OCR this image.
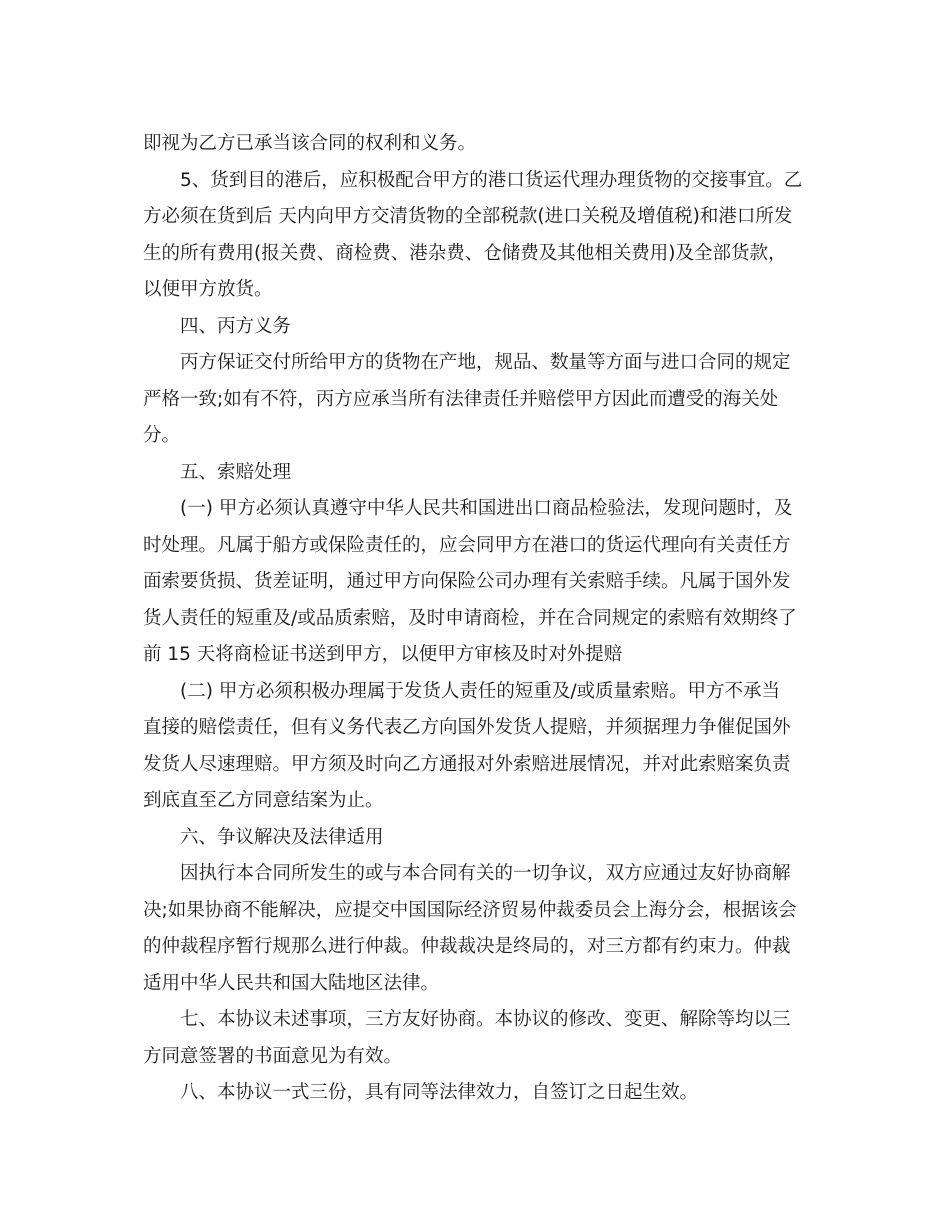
即视为乙方已承当该合同的权利和义务。
5、货到目的港后，应积极配合甲方的港口货运代理办理货物的交接事宜。乙
方必须在货到后 天内向甲方交清货物的全部税款(进口关税及增值税)和港口所发
生的所有费用(报关费、商检费、港杂费、仓储费及其他相关费用)及全部货款，
以便甲方放货。
四、丙方义务
丙方保证交付所给甲方的货物在产地，规品、数量等方面与进口合同的规定
严格一致;如有不符，丙方应承当所有法律责任并赔偿甲方因此而遭受的海关处
分。
五、索赔处理
(一) 甲方必须认真遵守中华人民共和国进出口商品检验法，发现问题时，及
时处理。凡属于船方或保险责任的，应会同甲方在港口的货运代理向有关责任方
面索要货损、货差证明，通过甲方向保险公司办理有关索赔手续。凡属于国外发
货人责任的短重及/或品质索赔，及时申请商检，并在合同规定的索赔有效期终了
前 15 天将商检证书送到甲方，以便甲方审核及时对外提赔
(二) 甲方必须积极办理属于发货人责任的短重及/或质量索赔。甲方不承当
直接的赔偿责任，但有义务代表乙方向国外发货人提赔，并须据理力争催促国外
发货人尽速理赔。甲方须及时向乙方通报对外索赔进展情况，并对此索赔案负责
到底直至乙方同意结案为止。
六、争议解决及法律适用
因执行本合同所发生的或与本合同有关的一切争议，双方应通过友好协商解
决;如果协商不能解决，应提交中国国际经济贸易仲裁委员会上海分会，根据该会
的仲裁程序暂行规那么进行仲裁。仲裁裁决是终局的，对三方都有约束力。仲裁
适用中华人民共和国大陆地区法律。
七、本协议未述事项，三方友好协商。本协议的修改、变更、解除等均以三
方同意签署的书面意见为有效。
八、本协议一式三份，具有同等法律效力，自签订之日起生效。
